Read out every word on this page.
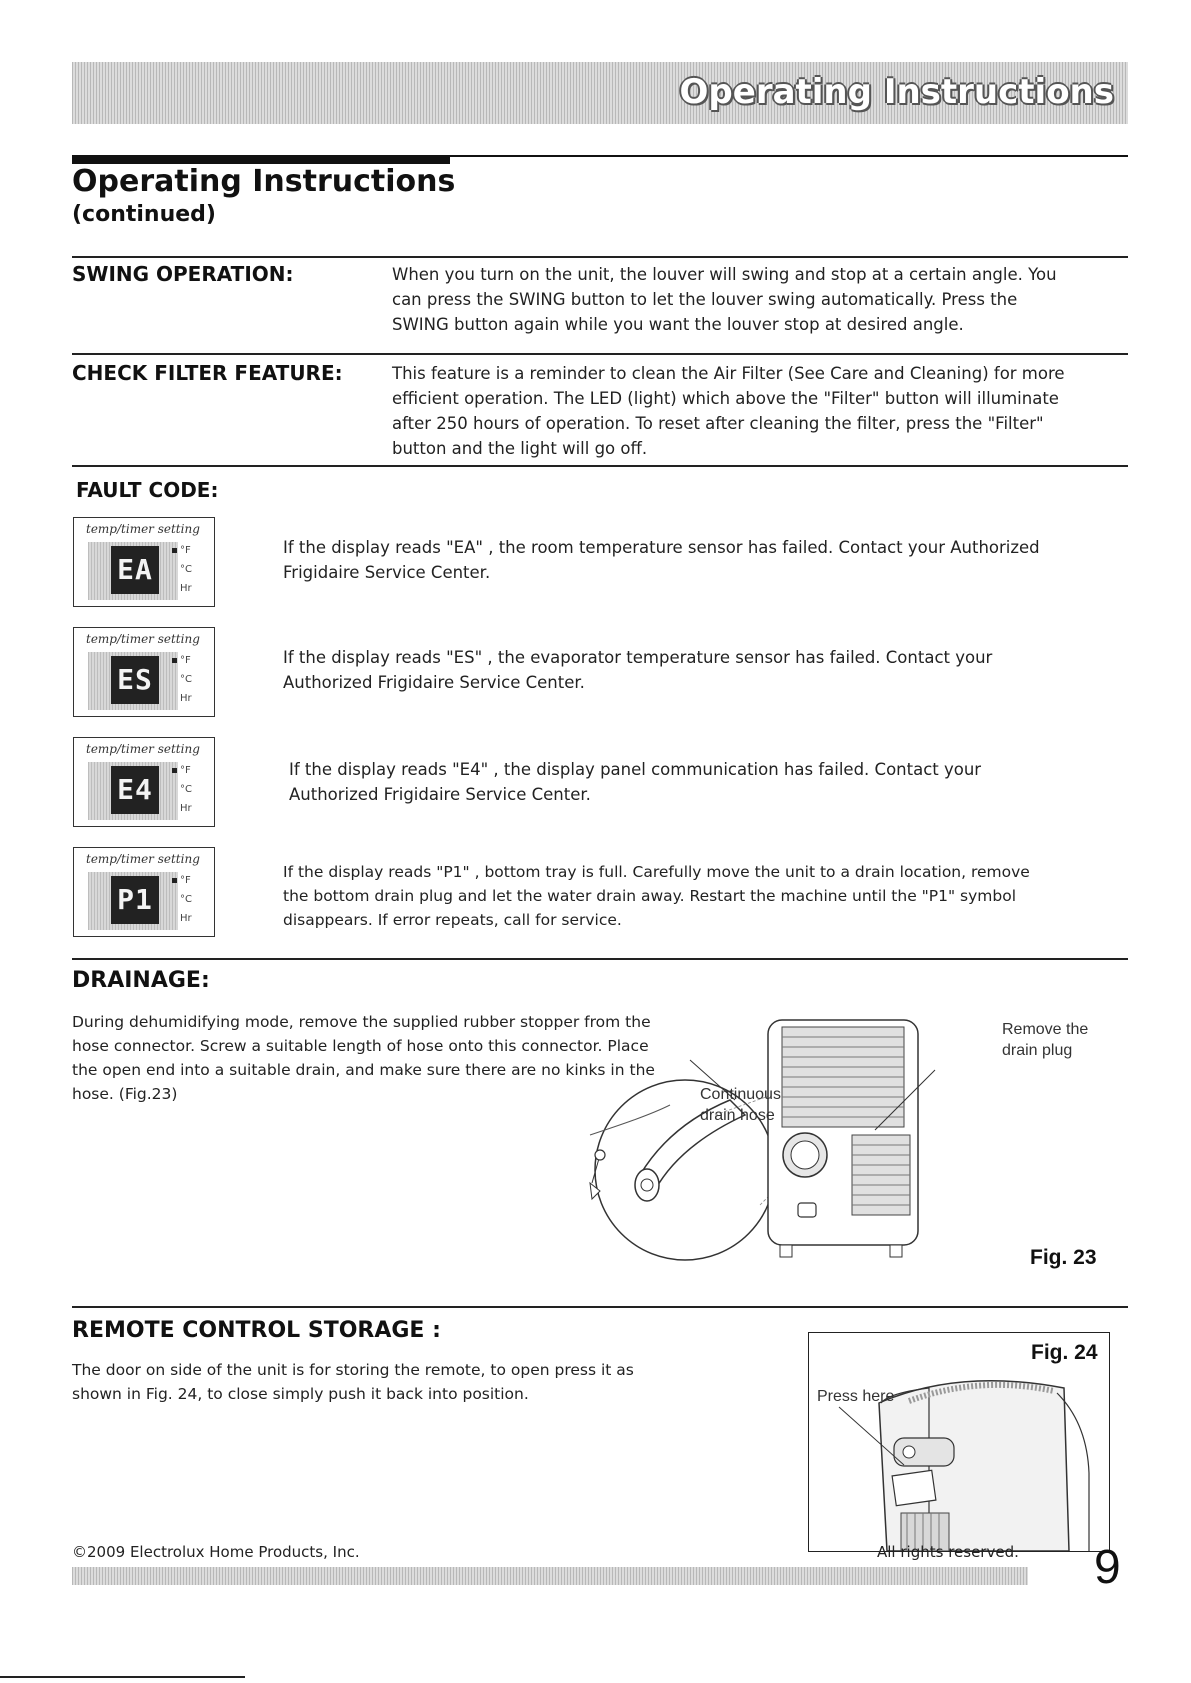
Operating Instructions
Operating Instructions
(continued)
SWING OPERATION:	When you turn on the unit, the louver will swing and stop at a certain angle. You
can press the SWING button to let the louver swing automatically. Press the
SWING button again while you want the louver stop at desired angle.
CHECK FILTER FEATURE:	This feature is a reminder to clean the Air Filter (See Care and Cleaning) for more
efficient operation. The LED (light) which above the "Filter" button will illuminate
after 250 hours of operation. To reset after cleaning the filter, press the "Filter"
button and the light will go off.
FAULT CODE:
temp/timer setting
EA
°F
°C
Hr
If the display reads "EA" , the room temperature sensor has failed. Contact your Authorized
Frigidaire Service Center.
temp/timer setting
ES
°F
°C
Hr
If the display reads "ES" , the evaporator temperature sensor has failed. Contact your
Authorized Frigidaire Service Center.
temp/timer setting
E4
°F
°C
Hr
If the display reads "E4" , the display panel communication has failed. Contact your
Authorized Frigidaire Service Center.
temp/timer setting
P1
°F
°C
Hr
If the display reads "P1" , bottom tray is full. Carefully move the unit to a drain location, remove
the bottom drain plug and let the water drain away. Restart the machine until the "P1" symbol
disappears. If error repeats, call for service.
DRAINAGE:
During dehumidifying mode, remove the supplied rubber stopper from the
hose connector. Screw a suitable length of hose onto this connector. Place
the open end into a suitable drain, and make sure there are no kinks in the
hose. (Fig.23)	Continuous
drain hose
Remove the
drain plug
Fig. 23
REMOTE CONTROL STORAGE :
The door on side of the unit is for storing the remote, to open press it as
shown in Fig. 24, to close simply push it back into position.
Fig. 24
Press here
©2009 Electrolux Home Products, Inc.	All rights reserved. 9
